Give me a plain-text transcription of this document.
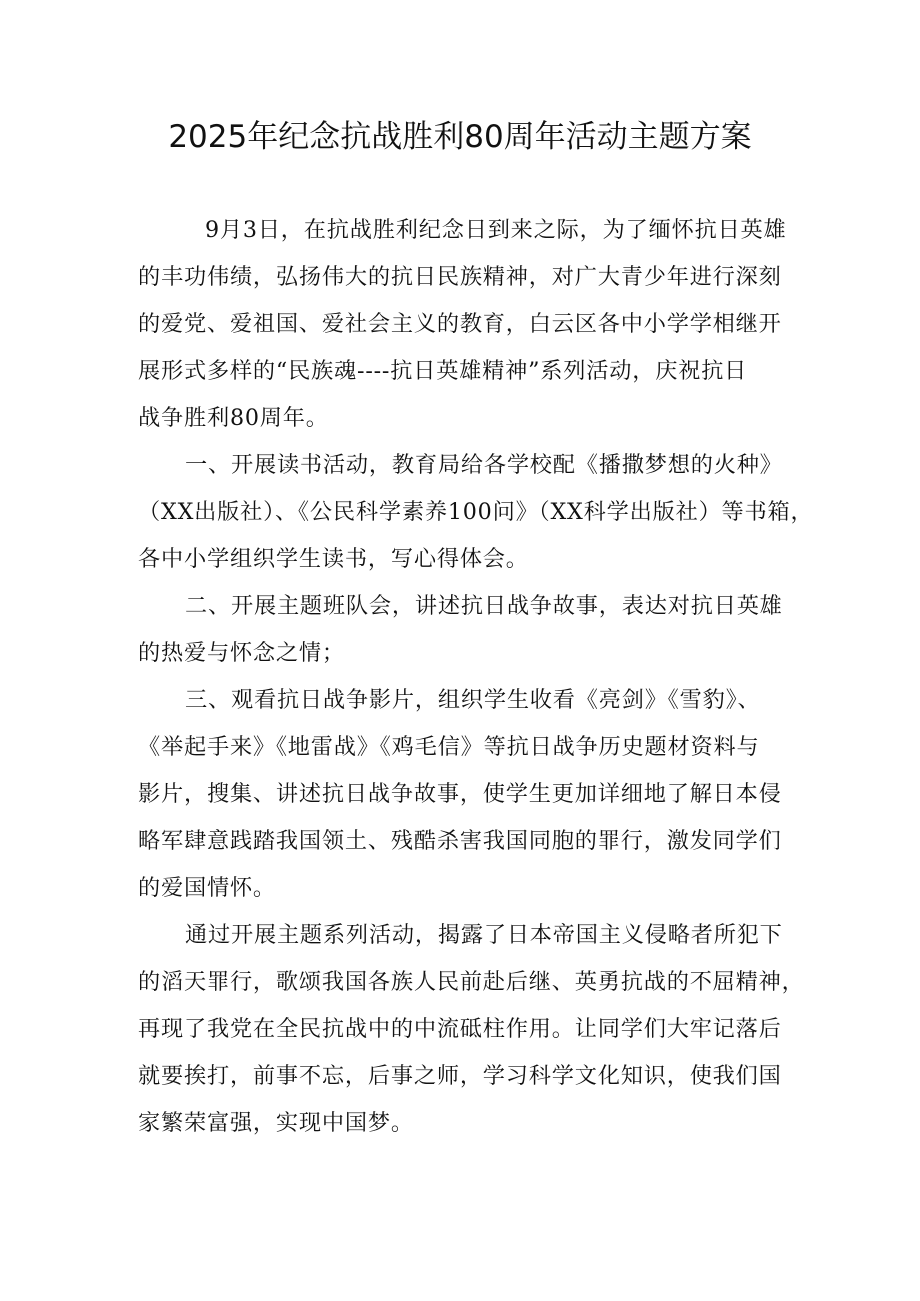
2025年纪念抗战胜利80周年活动主题方案
9月3日，在抗战胜利纪念日到来之际，为了缅怀抗日英雄
的丰功伟绩，弘扬伟大的抗日民族精神，对广大青少年进行深刻
的爱党、爱祖国、爱社会主义的教育，白云区各中小学学相继开
展形式多样的“民族魂----抗日英雄精神”系列活动，庆祝抗日
战争胜利80周年。
一、开展读书活动，教育局给各学校配《播撒梦想的火种》
（XX出版社）、《公民科学素养100问》（XX科学出版社）等书箱，
各中小学组织学生读书，写心得体会。
二、开展主题班队会，讲述抗日战争故事，表达对抗日英雄
的热爱与怀念之情；
三、观看抗日战争影片，组织学生收看《亮剑》《雪豹》、
《举起手来》《地雷战》《鸡毛信》等抗日战争历史题材资料与
影片，搜集、讲述抗日战争故事，使学生更加详细地了解日本侵
略军肆意践踏我国领土、残酷杀害我国同胞的罪行，激发同学们
的爱国情怀。
通过开展主题系列活动，揭露了日本帝国主义侵略者所犯下
的滔天罪行，歌颂我国各族人民前赴后继、英勇抗战的不屈精神，
再现了我党在全民抗战中的中流砥柱作用。让同学们大牢记落后
就要挨打，前事不忘，后事之师，学习科学文化知识，使我们国
家繁荣富强，实现中国梦。
